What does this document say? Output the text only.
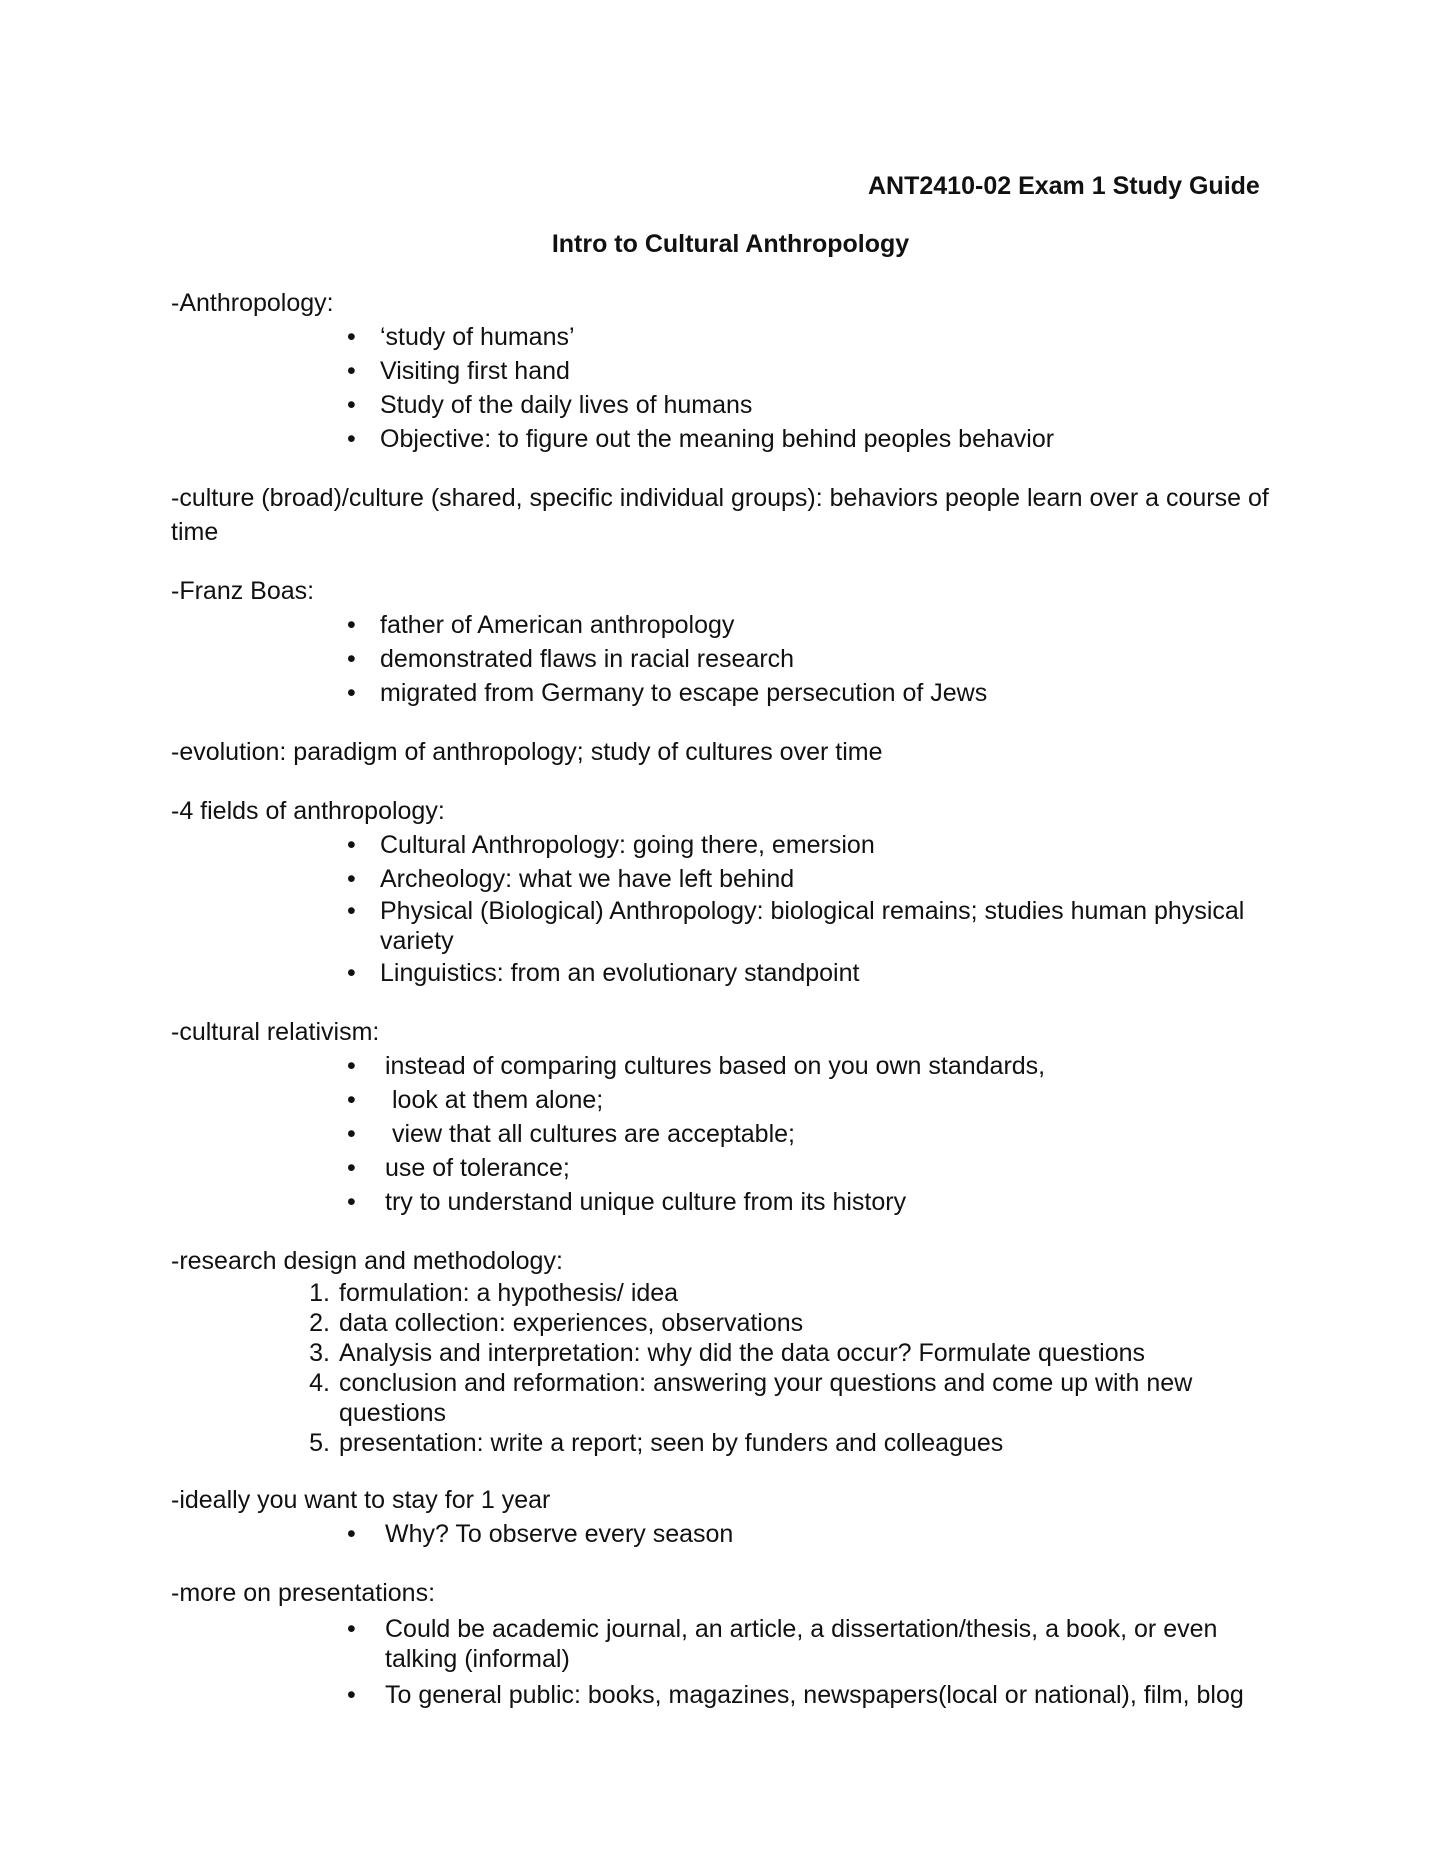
ANT2410-02 Exam 1 Study Guide
Intro to Cultural Anthropology

-Anthropology:

• ‘study of humans’
• Visiting first hand
• Study of the daily lives of humans
• Objective: to figure out the meaning behind peoples behavior

-culture (broad)/culture (shared, specific individual groups): behaviors people learn over a course of time

-Franz Boas:

• father of American anthropology
• demonstrated flaws in racial research
• migrated from Germany to escape persecution of Jews

-evolution: paradigm of anthropology; study of cultures over time

-4 fields of anthropology:

• Cultural Anthropology: going there, emersion
• Archeology: what we have left behind
• Physical (Biological) Anthropology: biological remains; studies human physical variety
• Linguistics: from an evolutionary standpoint

-cultural relativism:

• instead of comparing cultures based on you own standards,
• look at them alone;
• view that all cultures are acceptable;
• use of tolerance;
• try to understand unique culture from its history

-research design and methodology:

1. formulation: a hypothesis/ idea
2. data collection: experiences, observations
3. Analysis and interpretation: why did the data occur? Formulate questions
4. conclusion and reformation: answering your questions and come up with new questions
5. presentation: write a report; seen by funders and colleagues

-ideally you want to stay for 1 year

• Why? To observe every season

-more on presentations:

• Could be academic journal, an article, a dissertation/thesis, a book, or even talking (informal)
• To general public: books, magazines, newspapers(local or national), film, blog
